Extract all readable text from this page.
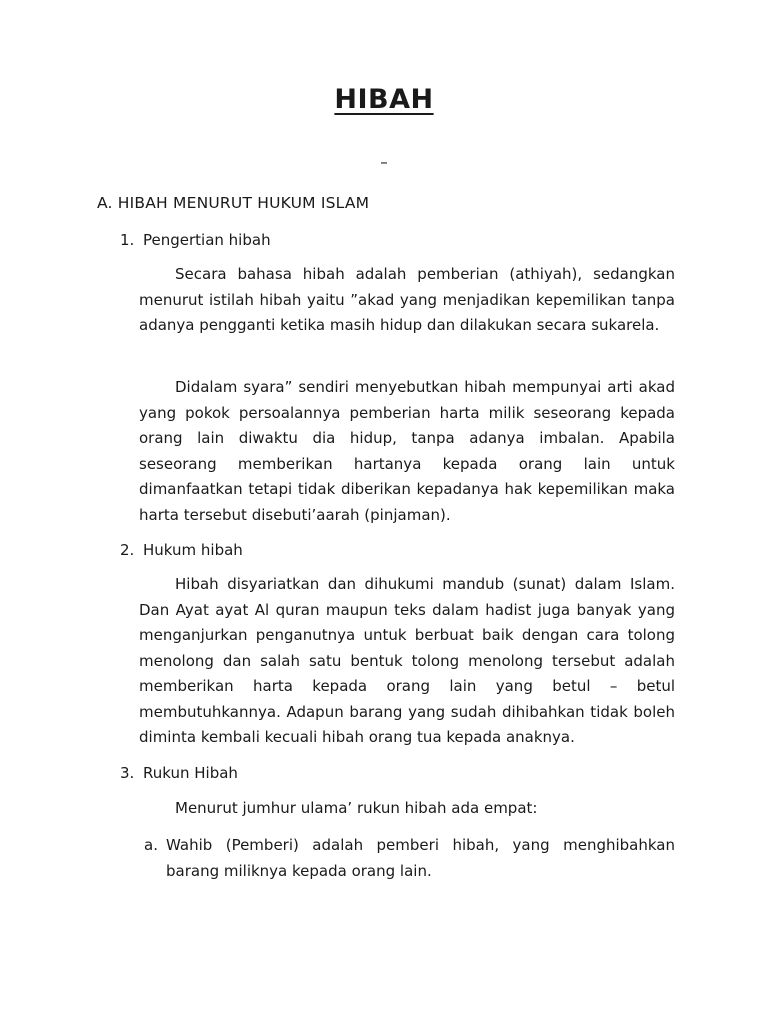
HIBAH
–
A. HIBAH MENURUT HUKUM ISLAM
1. Pengertian hibah

Secara bahasa hibah adalah pemberian (athiyah), sedangkan menurut istilah hibah yaitu ”akad yang menjadikan kepemilikan tanpa adanya pengganti ketika masih hidup dan dilakukan secara sukarela.

Didalam syara” sendiri menyebutkan hibah mempunyai arti akad yang pokok persoalannya pemberian harta milik seseorang kepada orang lain diwaktu dia hidup, tanpa adanya imbalan. Apabila seseorang memberikan hartanya kepada orang lain untuk dimanfaatkan tetapi tidak diberikan kepadanya hak kepemilikan maka harta tersebut disebuti’aarah (pinjaman).

2. Hukum hibah

Hibah disyariatkan dan dihukumi mandub (sunat) dalam Islam. Dan Ayat ayat Al quran maupun teks dalam hadist juga banyak yang menganjurkan penganutnya untuk berbuat baik dengan cara tolong menolong dan salah satu bentuk tolong menolong tersebut adalah memberikan harta kepada orang lain yang betul – betul membutuhkannya. Adapun barang yang sudah dihibahkan tidak boleh diminta kembali kecuali hibah orang tua kepada anaknya.

3. Rukun Hibah

Menurut jumhur ulama’ rukun hibah ada empat:

a. Wahib (Pemberi) adalah pemberi hibah, yang menghibahkan barang miliknya kepada orang lain.
